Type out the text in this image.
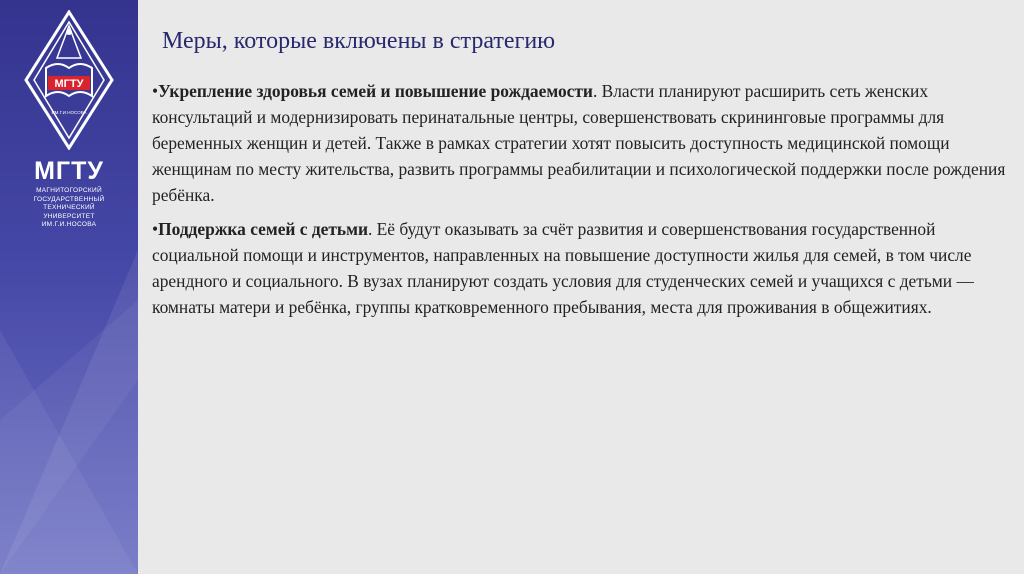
МГТУ
ИМ.Г.И.НОСОВА
МГТУ
МАГНИТОГОРСКИЙ
ГОСУДАРСТВЕННЫЙ
ТЕХНИЧЕСКИЙ
УНИВЕРСИТЕТ
ИМ.Г.И.НОСОВА
Меры, которые включены в стратегию
•Укрепление здоровья семей и повышение рождаемости. Власти планируют расширить сеть женских консультаций и модернизировать перинатальные центры, совершенствовать скрининговые программы для беременных женщин и детей. Также в рамках стратегии хотят повысить доступность медицинской помощи женщинам по месту жительства, развить программы реабилитации и психологической поддержки после рождения ребёнка.
•Поддержка семей с детьми. Её будут оказывать за счёт развития и совершенствования государственной социальной помощи и инструментов, направленных на повышение доступности жилья для семей, в том числе арендного и социального. В вузах планируют создать условия для студенческих семей и учащихся с детьми — комнаты матери и ребёнка, группы кратковременного пребывания, места для проживания в общежитиях.
